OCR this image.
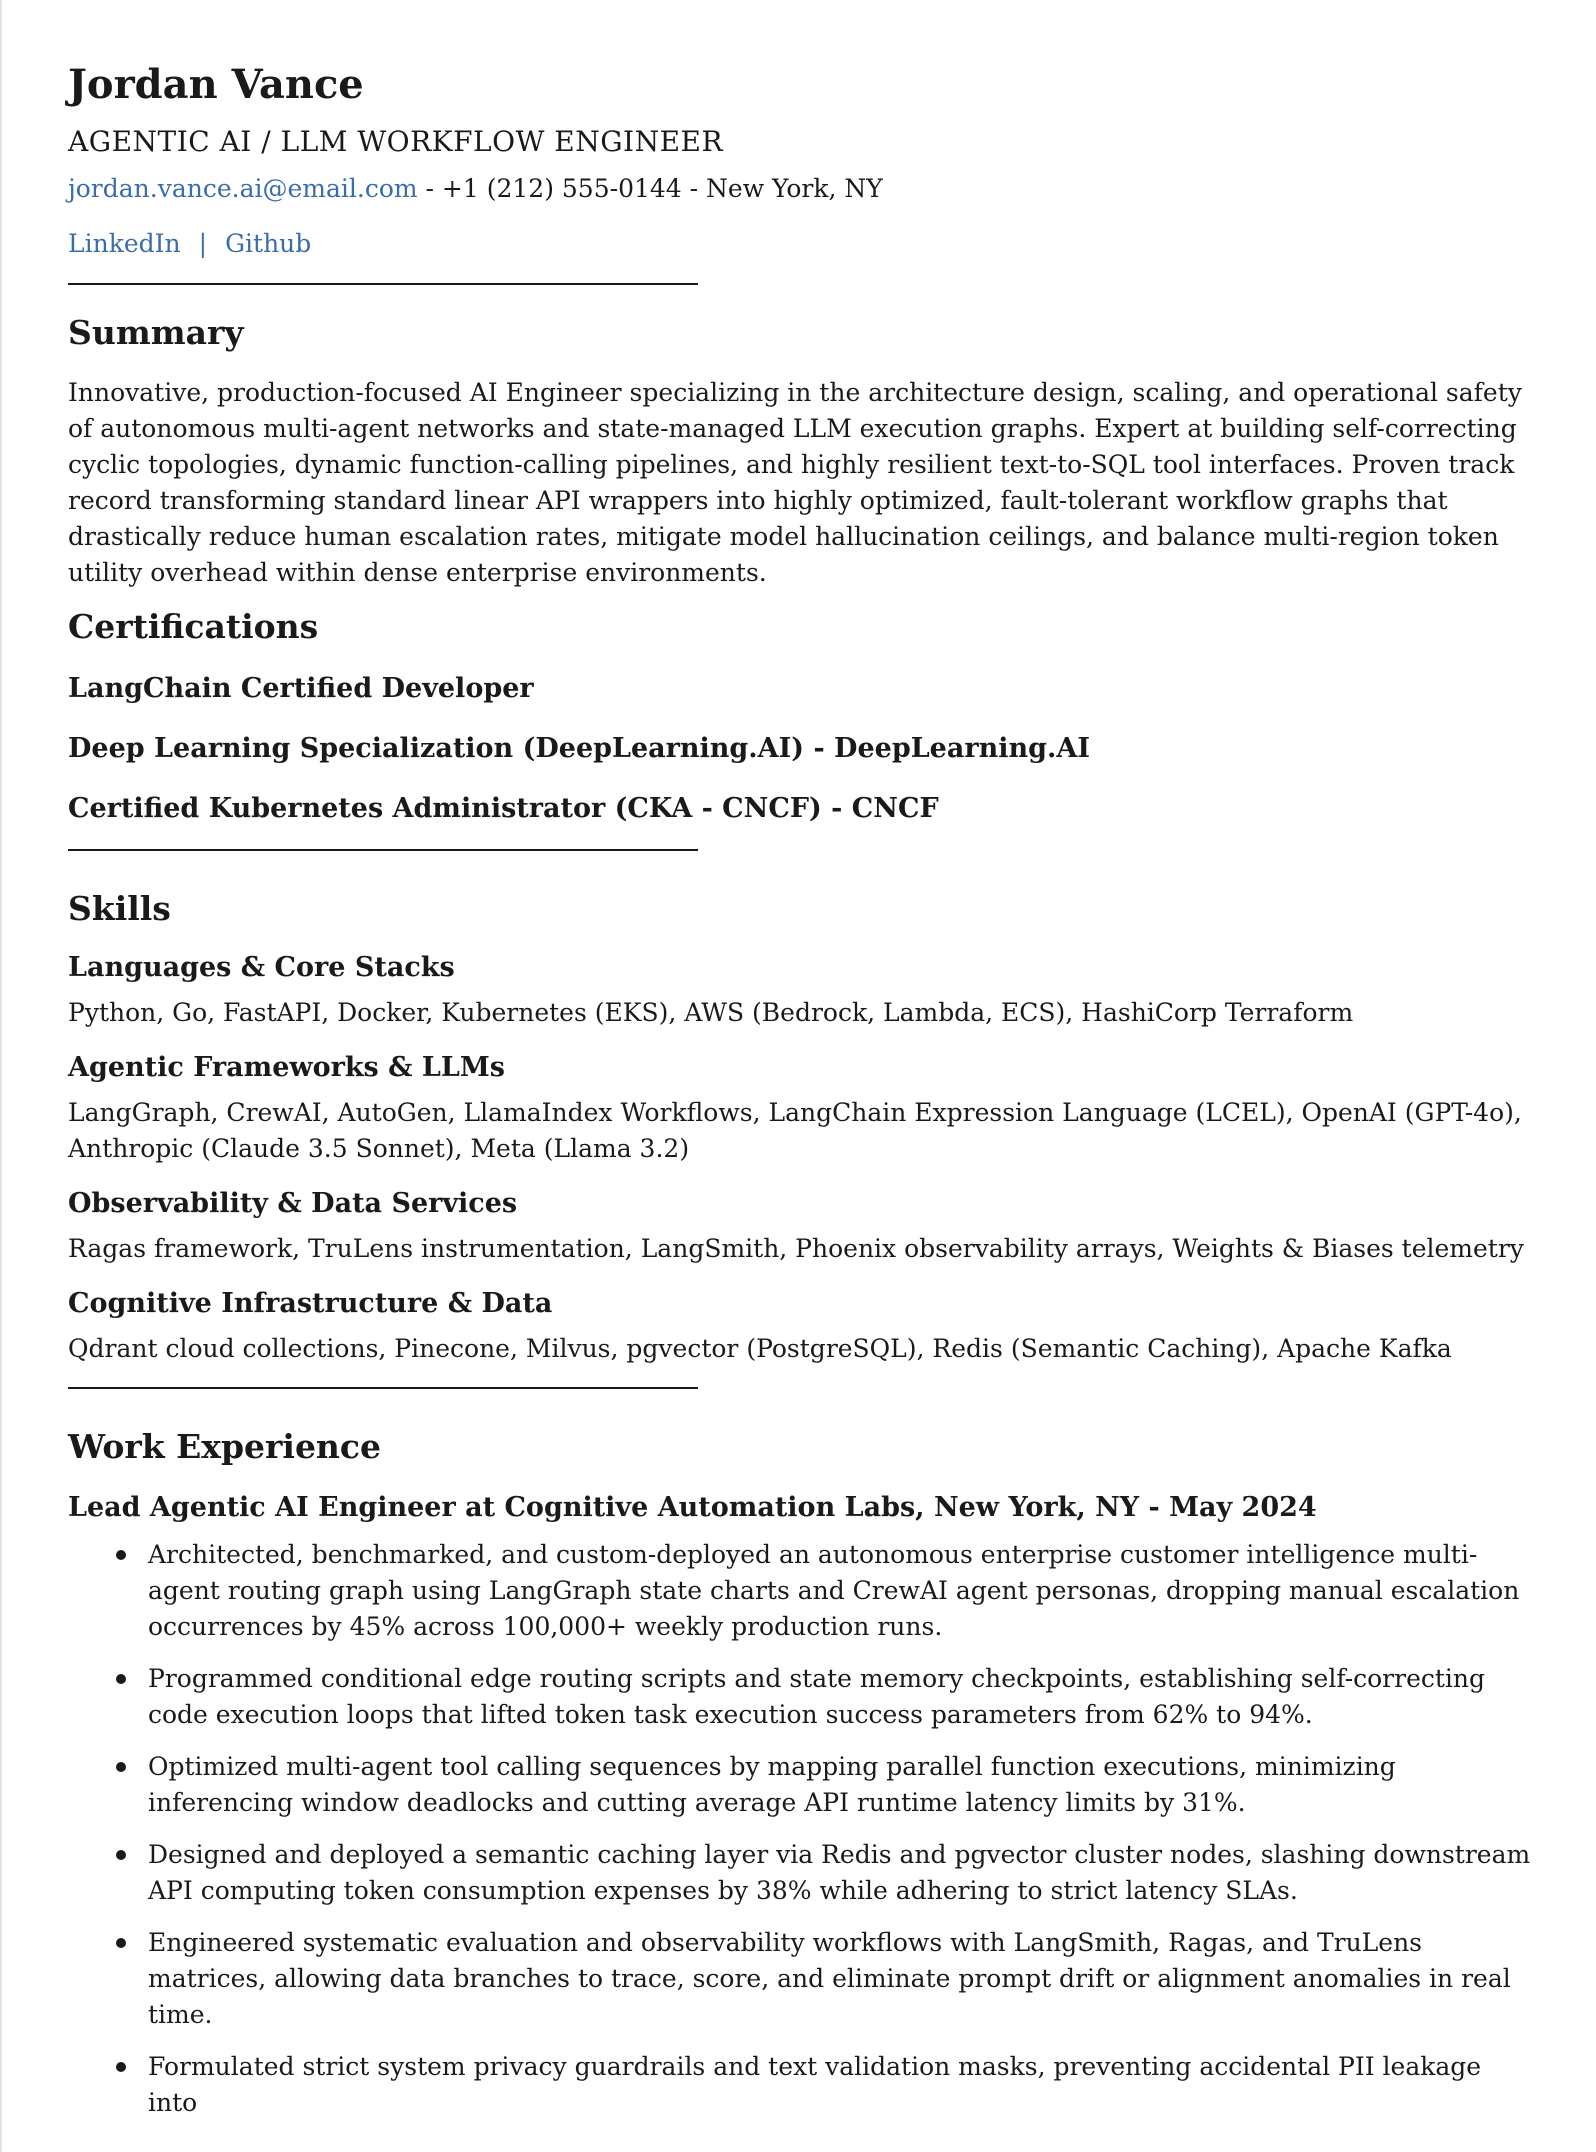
Jordan Vance
AGENTIC AI / LLM WORKFLOW ENGINEER
jordan.vance.ai@email.com - +1 (212) 555-0144 - New York, NY
LinkedIn | Github
Summary

Innovative, production-focused AI Engineer specializing in the architecture design, scaling, and operational safety of autonomous multi-agent networks and state-managed LLM execution graphs. Expert at building self-correcting cyclic topologies, dynamic function-calling pipelines, and highly resilient text-to-SQL tool interfaces. Proven track record transforming standard linear API wrappers into highly optimized, fault-tolerant workflow graphs that drastically reduce human escalation rates, mitigate model hallucination ceilings, and balance multi-region token utility overhead within dense enterprise environments.

Certifications
LangChain Certified Developer
Deep Learning Specialization (DeepLearning.AI) - DeepLearning.AI
Certified Kubernetes Administrator (CKA - CNCF) - CNCF
Skills
Languages & Core Stacks
Python, Go, FastAPI, Docker, Kubernetes (EKS), AWS (Bedrock, Lambda, ECS), HashiCorp Terraform
Agentic Frameworks & LLMs
LangGraph, CrewAI, AutoGen, LlamaIndex Workflows, LangChain Expression Language (LCEL), OpenAI (GPT-4o), Anthropic (Claude 3.5 Sonnet), Meta (Llama 3.2)
Observability & Data Services
Ragas framework, TruLens instrumentation, LangSmith, Phoenix observability arrays, Weights & Biases telemetry
Cognitive Infrastructure & Data
Qdrant cloud collections, Pinecone, Milvus, pgvector (PostgreSQL), Redis (Semantic Caching), Apache Kafka
Work Experience
Lead Agentic AI Engineer at Cognitive Automation Labs, New York, NY - May 2024
Architected, benchmarked, and custom-deployed an autonomous enterprise customer intelligence multi-agent routing graph using LangGraph state charts and CrewAI agent personas, dropping manual escalation occurrences by 45% across 100,000+ weekly production runs.
Programmed conditional edge routing scripts and state memory checkpoints, establishing self-correcting code execution loops that lifted token task execution success parameters from 62% to 94%.
Optimized multi-agent tool calling sequences by mapping parallel function executions, minimizing inferencing window deadlocks and cutting average API runtime latency limits by 31%.
Designed and deployed a semantic caching layer via Redis and pgvector cluster nodes, slashing downstream API computing token consumption expenses by 38% while adhering to strict latency SLAs.
Engineered systematic evaluation and observability workflows with LangSmith, Ragas, and TruLens matrices, allowing data branches to trace, score, and eliminate prompt drift or alignment anomalies in real time.
Formulated strict system privacy guardrails and text validation masks, preventing accidental PII leakage into
